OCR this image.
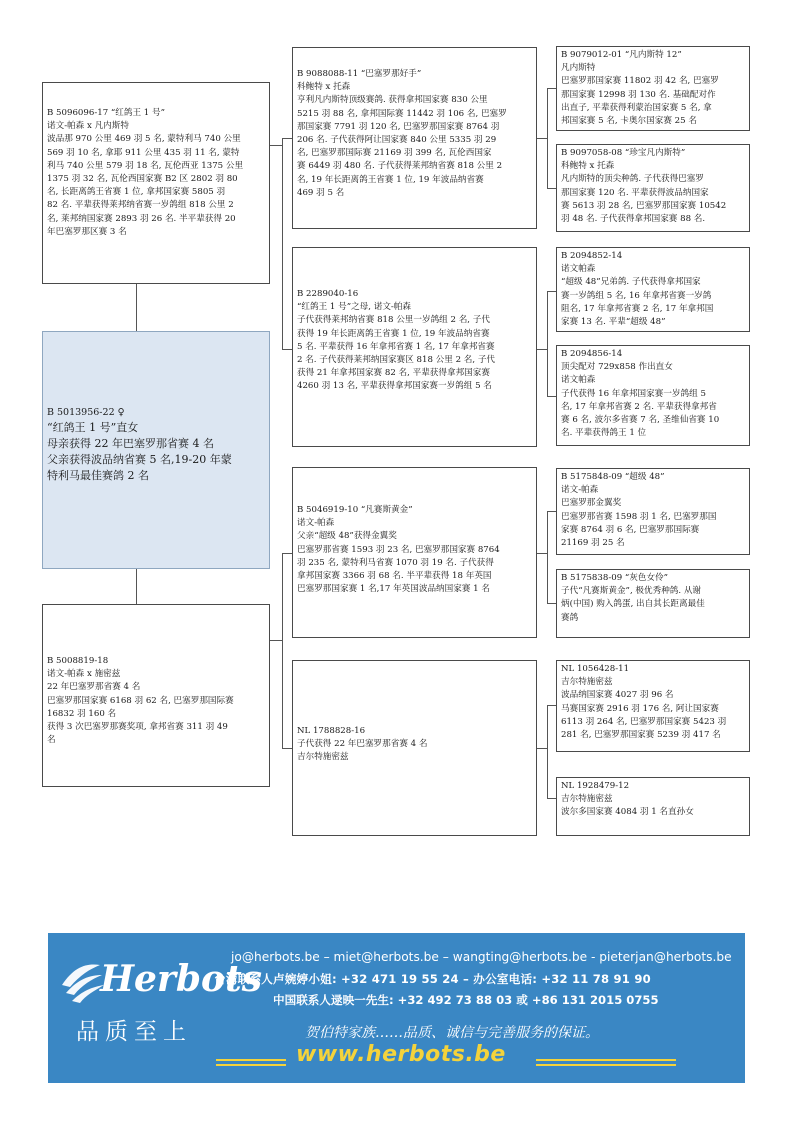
B 5013956-22 ♀
“红鸽王 1 号”直女
母亲获得 22 年巴塞罗那省赛 4 名
父亲获得波品纳省赛 5 名,19-20 年蒙
特利马最佳赛鸽 2 名
B 5096096-17 “红鸽王 1 号”
诺文-帕森 x 凡内斯特
波品那 970 公里 469 羽 5 名, 蒙特利马 740 公里
569 羽 10 名, 拿耶 911 公里 435 羽 11 名, 蒙特
利马 740 公里 579 羽 18 名, 瓦伦西亚 1375 公里
1375 羽 32 名, 瓦伦西国家赛 B2 区 2802 羽 80
名, 长距离鸽王省赛 1 位, 拿邦国家赛 5805 羽
82 名. 平辈获得莱邦纳省赛一岁鸽组 818 公里 2
名, 莱邦纳国家赛 2893 羽 26 名. 半平辈获得 20
年巴塞罗那区赛 3 名
B 5008819-18
诺文-帕森 x 施密兹
22 年巴塞罗那省赛 4 名
巴塞罗那国家赛 6168 羽 62 名, 巴塞罗那国际赛
16832 羽 160 名
获得 3 次巴塞罗那赛奖项, 拿邦省赛 311 羽 49
名
B 9088088-11 “巴塞罗那好手”
科鲍特 x 托森
亨利凡内斯特顶级赛鸽. 获得拿邦国家赛 830 公里
5215 羽 88 名, 拿邦国际赛 11442 羽 106 名, 巴塞罗
那国家赛 7791 羽 120 名, 巴塞罗那国家赛 8764 羽
206 名. 子代获得阿让国家赛 840 公里 5335 羽 29
名, 巴塞罗那国际赛 21169 羽 399 名, 瓦伦西国家
赛 6449 羽 480 名. 子代获得莱邦纳省赛 818 公里 2
名, 19 年长距离鸽王省赛 1 位, 19 年波品纳省赛
469 羽 5 名
B 2289040-16
“红鸽王 1 号”之母, 诺文-帕森
子代获得莱邦纳省赛 818 公里一岁鸽组 2 名, 子代
获得 19 年长距离鸽王省赛 1 位, 19 年波品纳省赛
5 名. 平辈获得 16 年拿邦省赛 1 名, 17 年拿邦省赛
2 名. 子代获得莱邦纳国家赛区 818 公里 2 名, 子代
获得 21 年拿邦国家赛 82 名, 平辈获得拿邦国家赛
4260 羽 13 名, 平辈获得拿邦国家赛一岁鸽组 5 名
B 5046919-10 “凡赛斯黄金”
诺文-帕森
父亲“超级 48”获得金翼奖
巴塞罗那省赛 1593 羽 23 名, 巴塞罗那国家赛 8764
羽 235 名, 蒙特利马省赛 1070 羽 19 名. 子代获得
拿邦国家赛 3366 羽 68 名. 半平辈获得 18 年英国
巴塞罗那国家赛 1 名,17 年英国波品纳国家赛 1 名
NL 1788828-16
子代获得 22 年巴塞罗那省赛 4 名
吉尔特施密兹
B 9079012-01 “凡内斯特 12”
凡内斯特
巴塞罗那国家赛 11802 羽 42 名, 巴塞罗
那国家赛 12998 羽 130 名. 基础配对作
出直子, 平辈获得利蒙治国家赛 5 名, 拿
邦国家赛 5 名, 卡奥尔国家赛 25 名
B 9097058-08 “珍宝凡内斯特”
科鲍特 x 托森
凡内斯特的顶尖种鸽. 子代获得巴塞罗
那国家赛 120 名. 平辈获得波品纳国家
赛 5613 羽 28 名, 巴塞罗那国家赛 10542
羽 48 名. 子代获得拿邦国家赛 88 名.
B 2094852-14
诺文帕森
“超级 48”兄弟鸽. 子代获得拿邦国家
赛一岁鸽组 5 名, 16 年拿邦省赛一岁鸽
阻名, 17 年拿邦省赛 2 名, 17 年拿邦国
家赛 13 名. 平辈“超级 48”
B 2094856-14
顶尖配对 729x858 作出直女
诺文帕森
子代获得 16 年拿邦国家赛一岁鸽组 5
名, 17 年拿邦省赛 2 名. 平辈获得拿邦省
赛 6 名, 波尔多省赛 7 名, 圣维仙省赛 10
名. 平辈获得鸽王 1 位
B 5175848-09 “超级 48”
诺文-帕森
巴塞罗那金翼奖
巴塞罗那省赛 1598 羽 1 名, 巴塞罗那国
家赛 8764 羽 6 名, 巴塞罗那国际赛
21169 羽 25 名
B 5175838-09 “灰色女伶”
子代“凡赛斯黄金”, 极优秀种鸽. 从谢
炳(中国) 购入鸽蛋, 出自其长距离最佳
赛鸽
NL 1056428-11
吉尔特施密兹
波品纳国家赛 4027 羽 96 名
马赛国家赛 2916 羽 176 名, 阿让国家赛
6113 羽 264 名, 巴塞罗那国家赛 5423 羽
281 名, 巴塞罗那国家赛 5239 羽 417 名
NL 1928479-12
吉尔特施密兹
波尔多国家赛 4084 羽 1 名直孙女
Herbots
品质至上
jo@herbots.be – miet@herbots.be – wangting@herbots.be - pieterjan@herbots.be
台湾联系人卢婉婷小姐: +32 471 19 55 24 – 办公室电话: +32 11 78 91 90
中国联系人逯映一先生: +32 492 73 88 03 或 +86 131 2015 0755
贺伯特家族……品质、诚信与完善服务的保证。
www.herbots.be
